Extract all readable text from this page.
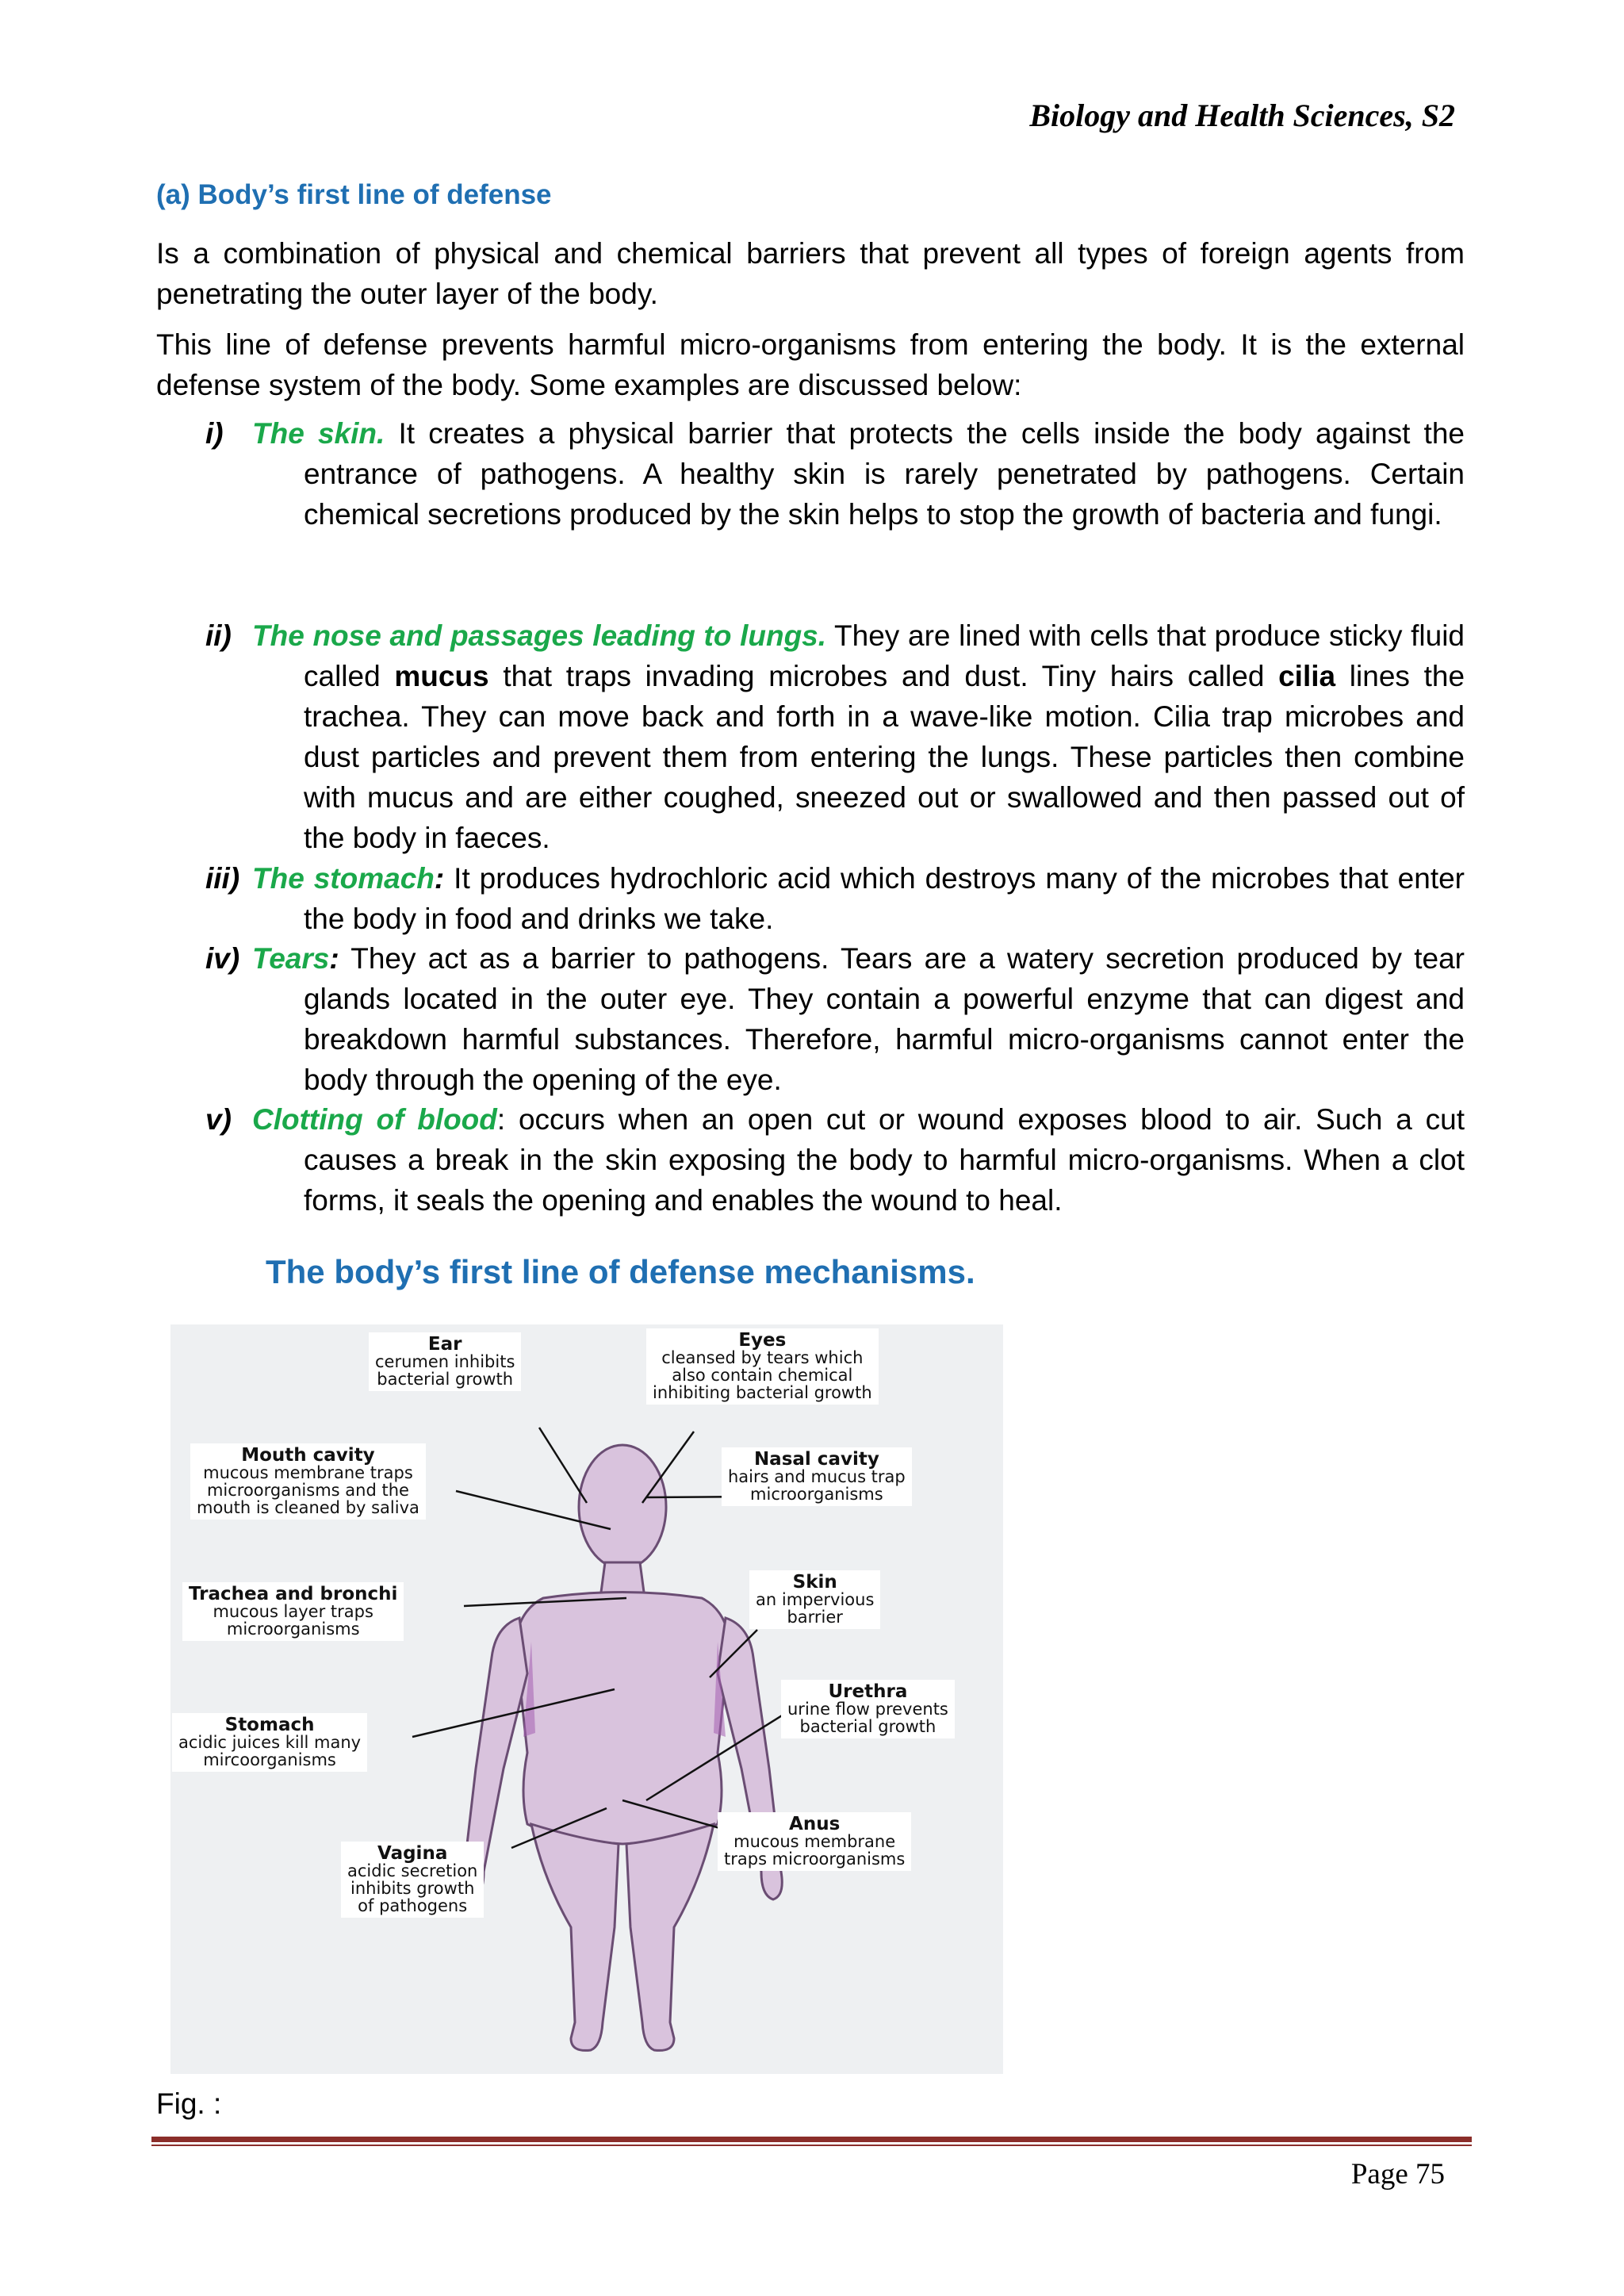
Biology and Health Sciences, S2
(a) Body’s first line of defense

Is a combination of physical and chemical barriers that prevent all types of foreign agents from penetrating the outer layer of the body.

This line of defense prevents harmful micro-organisms from entering the body. It is the external defense system of the body. Some examples are discussed below:

i) The skin. It creates a physical barrier that protects the cells inside the body against the entrance of pathogens. A healthy skin is rarely penetrated by pathogens. Certain chemical secretions produced by the skin helps to stop the growth of bacteria and fungi.

ii) The nose and passages leading to lungs. They are lined with cells that produce sticky fluid called mucus that traps invading microbes and dust. Tiny hairs called cilia lines the trachea. They can move back and forth in a wave-like motion. Cilia trap microbes and dust particles and prevent them from entering the lungs. These particles then combine with mucus and are either coughed, sneezed out or swallowed and then passed out of the body in faeces.

iii) The stomach: It produces hydrochloric acid which destroys many of the microbes that enter the body in food and drinks we take.

iv) Tears: They act as a barrier to pathogens. Tears are a watery secretion produced by tear glands located in the outer eye. They contain a powerful enzyme that can digest and breakdown harmful substances. Therefore, harmful micro-organisms cannot enter the body through the opening of the eye.

v) Clotting of blood: occurs when an open cut or wound exposes blood to air. Such a cut causes a break in the skin exposing the body to harmful micro-organisms. When a clot forms, it seals the opening and enables the wound to heal.

The body’s first line of defense mechanisms.
Ear
cerumen inhibits
bacterial growth
Eyes
cleansed by tears which
also contain chemical
inhibiting bacterial growth
Mouth cavity
mucous membrane traps
microorganisms and the
mouth is cleaned by saliva
Nasal cavity
hairs and mucus trap
microorganisms
Trachea and bronchi
mucous layer traps
microorganisms
Skin
an impervious
barrier
Urethra
urine flow prevents
bacterial growth
Stomach
acidic juices kill many
mircoorganisms
Anus
mucous membrane
traps microorganisms
Vagina
acidic secretion
inhibits growth
of pathogens
Fig. :
Page 75
